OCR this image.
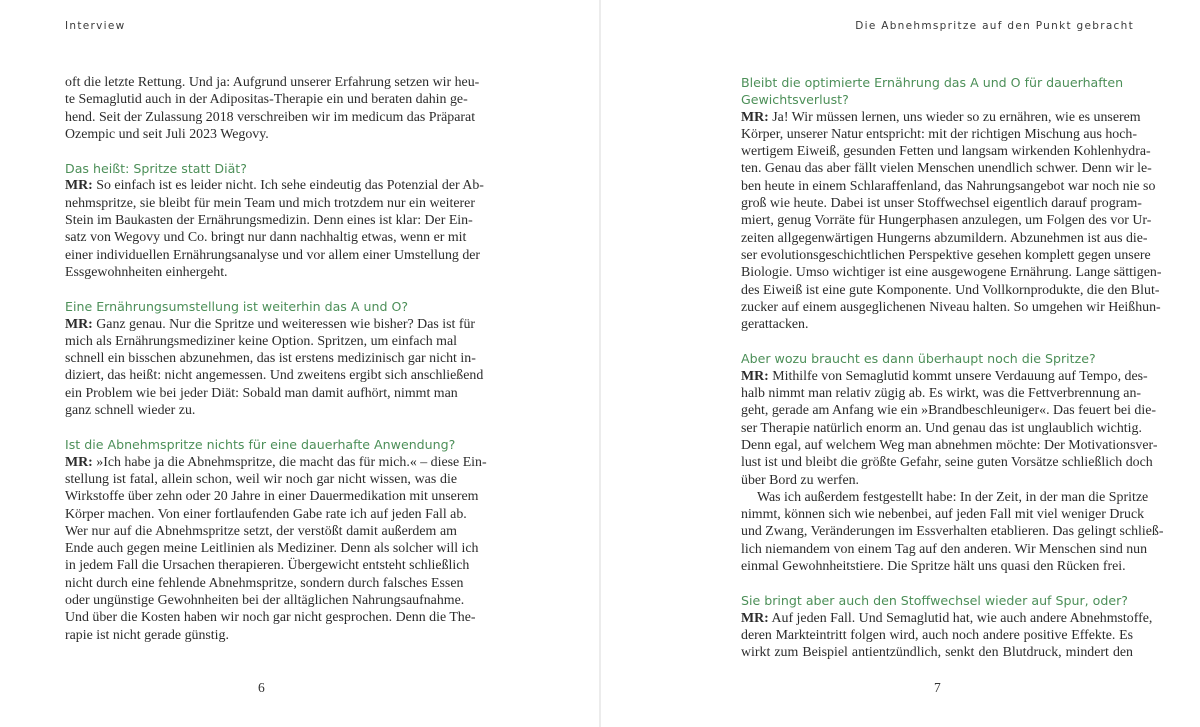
Interview	Die Abnehmspritze auf den Punkt gebracht

oft die letzte Rettung. Und ja: Aufgrund unserer Erfahrung setzen wir heu-
te Semaglutid auch in der Adipositas-Therapie ein und beraten dahin ge-
hend. Seit der Zulassung 2018 verschreiben wir im medicum das Präparat
Ozempic und seit Juli 2023 Wegovy.

Das heißt: Spritze statt Diät?

MR: So einfach ist es leider nicht. Ich sehe eindeutig das Potenzial der Ab-
nehmspritze, sie bleibt für mein Team und mich trotzdem nur ein weiterer
Stein im Baukasten der Ernährungsmedizin. Denn eines ist klar: Der Ein-
satz von Wegovy und Co. bringt nur dann nachhaltig etwas, wenn er mit
einer individuellen Ernährungsanalyse und vor allem einer Umstellung der
Essgewohnheiten einhergeht.

Eine Ernährungsumstellung ist weiterhin das A und O?

MR: Ganz genau. Nur die Spritze und weiteressen wie bisher? Das ist für
mich als Ernährungsmediziner keine Option. Spritzen, um einfach mal
schnell ein bisschen abzunehmen, das ist erstens medizinisch gar nicht in-
diziert, das heißt: nicht angemessen. Und zweitens ergibt sich anschließend
ein Problem wie bei jeder Diät: Sobald man damit aufhört, nimmt man
ganz schnell wieder zu.

Ist die Abnehmspritze nichts für eine dauerhafte Anwendung?

MR: »Ich habe ja die Abnehmspritze, die macht das für mich.« – diese Ein-
stellung ist fatal, allein schon, weil wir noch gar nicht wissen, was die
Wirkstoffe über zehn oder 20 Jahre in einer Dauermedikation mit unserem
Körper machen. Von einer fortlaufenden Gabe rate ich auf jeden Fall ab.
Wer nur auf die Abnehmspritze setzt, der verstößt damit außerdem am
Ende auch gegen meine Leitlinien als Mediziner. Denn als solcher will ich
in jedem Fall die Ursachen therapieren. Übergewicht entsteht schließlich
nicht durch eine fehlende Abnehmspritze, sondern durch falsches Essen
oder ungünstige Gewohnheiten bei der alltäglichen Nahrungsaufnahme.
Und über die Kosten haben wir noch gar nicht gesprochen. Denn die The-
rapie ist nicht gerade günstig.

Bleibt die optimierte Ernährung das A und O für dauerhaften Gewichtsverlust?

MR: Ja! Wir müssen lernen, uns wieder so zu ernähren, wie es unserem
Körper, unserer Natur entspricht: mit der richtigen Mischung aus hoch-
wertigem Eiweiß, gesunden Fetten und langsam wirkenden Kohlenhydra-
ten. Genau das aber fällt vielen Menschen unendlich schwer. Denn wir le-
ben heute in einem Schlaraffenland, das Nahrungsangebot war noch nie so
groß wie heute. Dabei ist unser Stoffwechsel eigentlich darauf program-
miert, genug Vorräte für Hungerphasen anzulegen, um Folgen des vor Ur-
zeiten allgegenwärtigen Hungerns abzumildern. Abzunehmen ist aus die-
ser evolutionsgeschichtlichen Perspektive gesehen komplett gegen unsere
Biologie. Umso wichtiger ist eine ausgewogene Ernährung. Lange sättigen-
des Eiweiß ist eine gute Komponente. Und Vollkornprodukte, die den Blut-
zucker auf einem ausgeglichenen Niveau halten. So umgehen wir Heißhun-
gerattacken.

Aber wozu braucht es dann überhaupt noch die Spritze?

MR: Mithilfe von Semaglutid kommt unsere Verdauung auf Tempo, des-
halb nimmt man relativ zügig ab. Es wirkt, was die Fettverbrennung an-
geht, gerade am Anfang wie ein »Brandbeschleuniger«. Das feuert bei die-
ser Therapie natürlich enorm an. Und genau das ist unglaublich wichtig.
Denn egal, auf welchem Weg man abnehmen möchte: Der Motivationsver-
lust ist und bleibt die größte Gefahr, seine guten Vorsätze schließlich doch
über Bord zu werfen.

Was ich außerdem festgestellt habe: In der Zeit, in der man die Spritze
nimmt, können sich wie nebenbei, auf jeden Fall mit viel weniger Druck
und Zwang, Veränderungen im Essverhalten etablieren. Das gelingt schließ-
lich niemandem von einem Tag auf den anderen. Wir Menschen sind nun
einmal Gewohnheitstiere. Die Spritze hält uns quasi den Rücken frei.

Sie bringt aber auch den Stoffwechsel wieder auf Spur, oder?

MR: Auf jeden Fall. Und Semaglutid hat, wie auch andere Abnehmstoffe,
deren Markteintritt folgen wird, auch noch andere positive Effekte. Es
wirkt zum Beispiel antientzündlich, senkt den Blutdruck, mindert den

6	7
